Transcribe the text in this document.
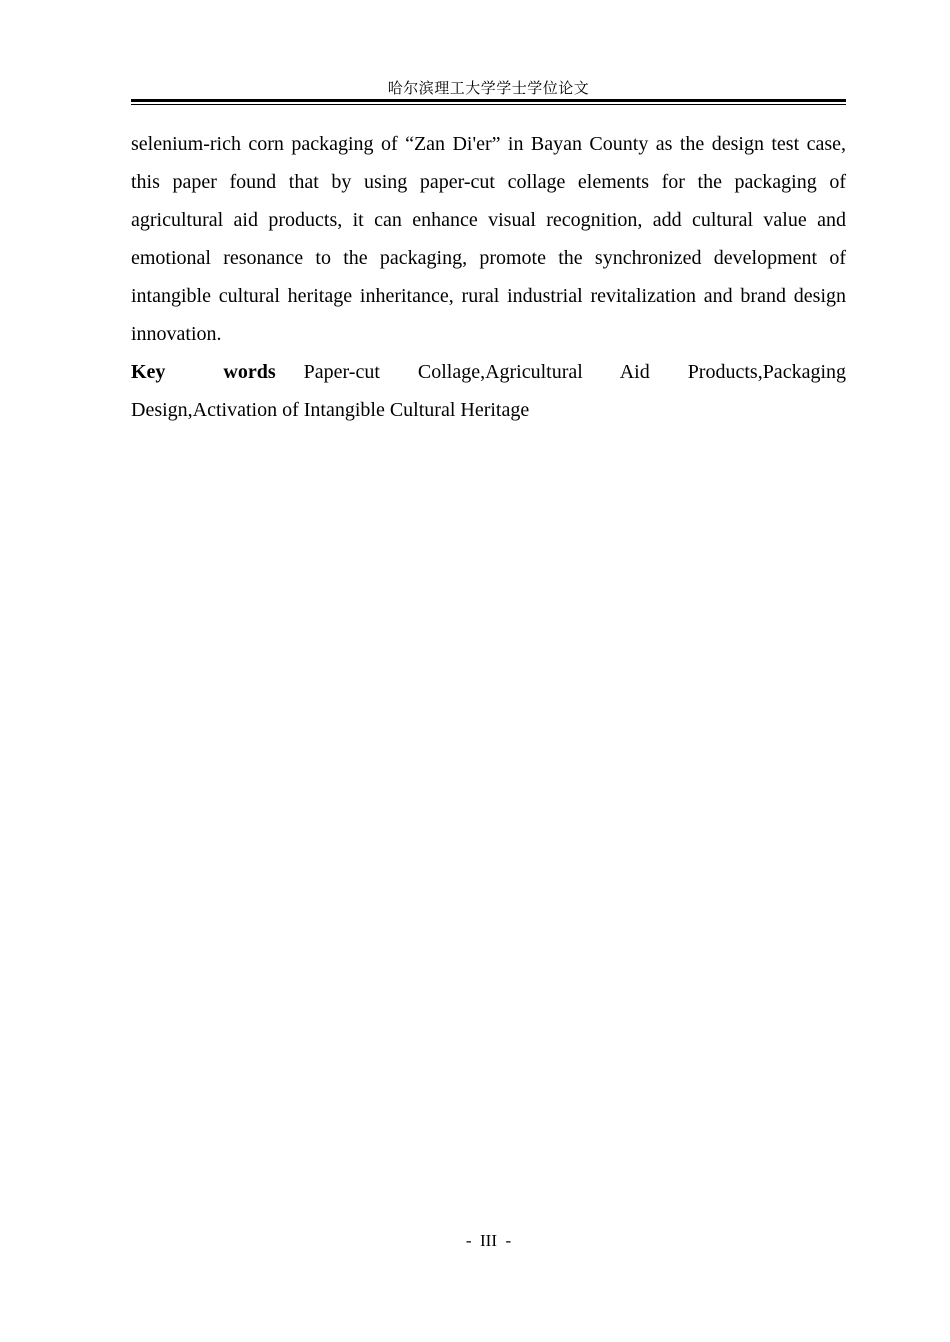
哈尔滨理工大学学士学位论文

selenium-rich corn packaging of “Zan Di'er” in Bayan County as the design test case, this paper found that by using paper-cut collage elements for the packaging of agricultural aid products, it can enhance visual recognition, add cultural value and emotional resonance to the packaging, promote the synchronized development of intangible cultural heritage inheritance, rural industrial revitalization and brand design innovation.

Key words Paper-cut Collage,Agricultural Aid Products,Packaging Design,Activation of Intangible Cultural Heritage

-  III  -
